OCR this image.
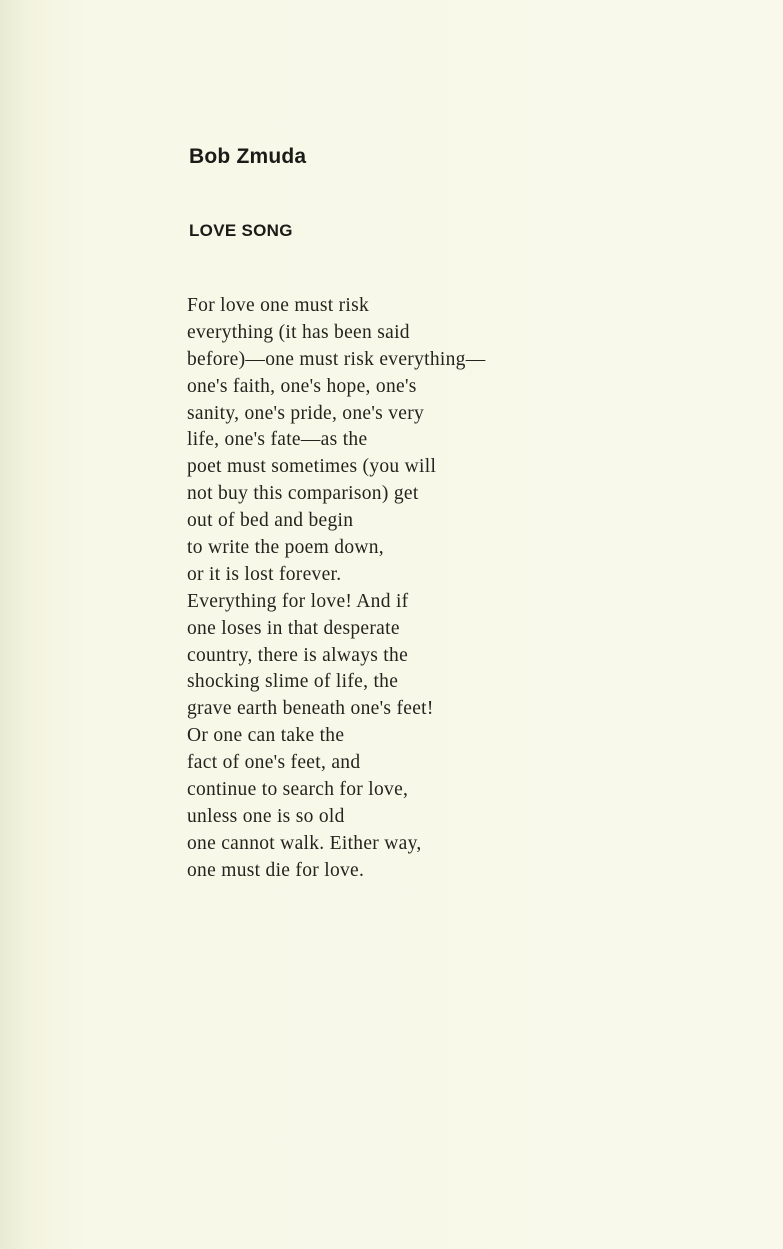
Bob Zmuda
LOVE SONG
For love one must risk
everything (it has been said
before)—one must risk everything—
one's faith, one's hope, one's
sanity, one's pride, one's very
life, one's fate—as the
poet must sometimes (you will
not buy this comparison) get
out of bed and begin
to write the poem down,
or it is lost forever.
Everything for love! And if
one loses in that desperate
country, there is always the
shocking slime of life, the
grave earth beneath one's feet!
Or one can take the
fact of one's feet, and
continue to search for love,
unless one is so old
one cannot walk. Either way,
one must die for love.
